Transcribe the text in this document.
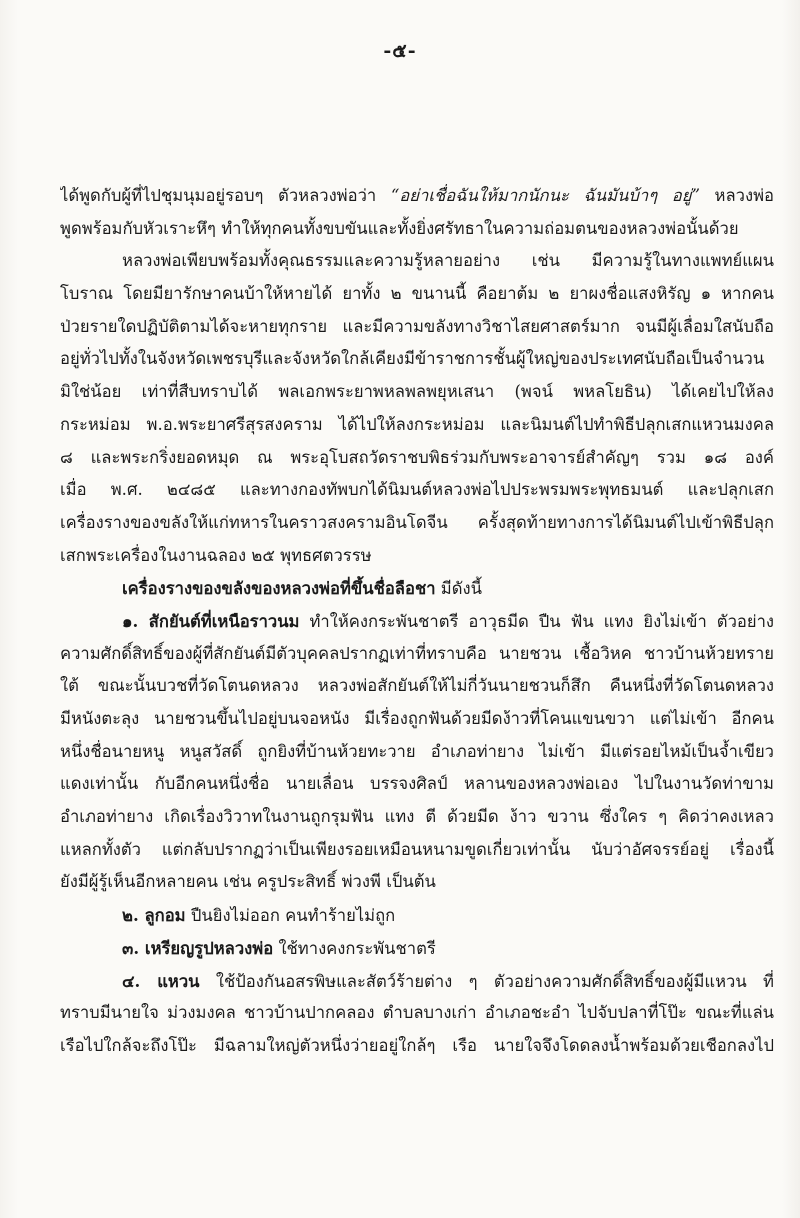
-๕-
ได้พูดกับผู้ที่ไปชุมนุมอยู่รอบๆ ตัวหลวงพ่อว่า “อย่าเชื่อฉันให้มากนักนะ ฉันมันบ้าๆ อยู่” หลวงพ่อ
พูดพร้อมกับหัวเราะหึๆ ทำให้ทุกคนทั้งขบขันและทั้งยิ่งศรัทธาในความถ่อมตนของหลวงพ่อนั้นด้วย
หลวงพ่อเพียบพร้อมทั้งคุณธรรมและความรู้หลายอย่าง เช่น มีความรู้ในทางแพทย์แผน
โบราณ โดยมียารักษาคนบ้าให้หายได้ ยาทั้ง ๒ ขนานนี้ คือยาต้ม ๒ ยาผงชื่อแสงหิรัญ ๑ หากคน
ป่วยรายใดปฏิบัติตามได้จะหายทุกราย และมีความขลังทางวิชาไสยศาสตร์มาก จนมีผู้เลื่อมใสนับถือ
อยู่ทั่วไปทั้งในจังหวัดเพชรบุรีและจังหวัดใกล้เคียงมีข้าราชการชั้นผู้ใหญ่ของประเทศนับถือเป็นจำนวน
มิใช่น้อย เท่าที่สืบทราบได้ พลเอกพระยาพหลพลพยุหเสนา (พจน์ พหลโยธิน) ได้เคยไปให้ลง
กระหม่อม พ.อ.พระยาศรีสุรสงคราม ได้ไปให้ลงกระหม่อม และนิมนต์ไปทำพิธีปลุกเสกแหวนมงคล
๘ และพระกริ่งยอดหมุด ณ พระอุโบสถวัดราชบพิธร่วมกับพระอาจารย์สำคัญๆ รวม ๑๘ องค์
เมื่อ พ.ศ. ๒๔๘๕ และทางกองทัพบกได้นิมนต์หลวงพ่อไปประพรมพระพุทธมนต์ และปลุกเสก
เครื่องรางของขลังให้แก่ทหารในคราวสงครามอินโดจีน ครั้งสุดท้ายทางการได้นิมนต์ไปเข้าพิธีปลุก
เสกพระเครื่องในงานฉลอง ๒๕ พุทธศตวรรษ
เครื่องรางของขลังของหลวงพ่อที่ขึ้นชื่อลือชา มีดังนี้
๑. สักยันต์ที่เหนือราวนม ทำให้คงกระพันชาตรี อาวุธมีด ปืน ฟัน แทง ยิงไม่เข้า ตัวอย่าง
ความศักดิ์สิทธิ์ของผู้ที่สักยันต์มีตัวบุคคลปรากฏเท่าที่ทราบคือ นายชวน เชื้อวิหค ชาวบ้านห้วยทราย
ใต้ ขณะนั้นบวชที่วัดโตนดหลวง หลวงพ่อสักยันต์ให้ไม่กี่วันนายชวนก็สึก คืนหนึ่งที่วัดโตนดหลวง
มีหนังตะลุง นายชวนขึ้นไปอยู่บนจอหนัง มีเรื่องถูกฟันด้วยมีดง้าวที่โคนแขนขวา แต่ไม่เข้า อีกคน
หนึ่งชื่อนายหนู หนูสวัสดิ์ ถูกยิงที่บ้านห้วยทะวาย อำเภอท่ายาง ไม่เข้า มีแต่รอยไหม้เป็นจ้ำเขียว
แดงเท่านั้น กับอีกคนหนึ่งชื่อ นายเลื่อน บรรจงศิลป์ หลานของหลวงพ่อเอง ไปในงานวัดท่าขาม
อำเภอท่ายาง เกิดเรื่องวิวาทในงานถูกรุมฟัน แทง ตี ด้วยมีด ง้าว ขวาน ซึ่งใคร ๆ คิดว่าคงเหลว
แหลกทั้งตัว แต่กลับปรากฏว่าเป็นเพียงรอยเหมือนหนามขูดเกี่ยวเท่านั้น นับว่าอัศจรรย์อยู่ เรื่องนี้
ยังมีผู้รู้เห็นอีกหลายคน เช่น ครูประสิทธิ์ พ่วงพี เป็นต้น
๒. ลูกอม ปืนยิงไม่ออก คนทำร้ายไม่ถูก
๓. เหรียญรูปหลวงพ่อ ใช้ทางคงกระพันชาตรี
๔. แหวน ใช้ป้องกันอสรพิษและสัตว์ร้ายต่าง ๆ ตัวอย่างความศักดิ์สิทธิ์ของผู้มีแหวน ที่
ทราบมีนายใจ ม่วงมงคล ชาวบ้านปากคลอง ตำบลบางเก่า อำเภอชะอำ ไปจับปลาที่โป๊ะ ขณะที่แล่น
เรือไปใกล้จะถึงโป๊ะ มีฉลามใหญ่ตัวหนึ่งว่ายอยู่ใกล้ๆ เรือ นายใจจึงโดดลงน้ำพร้อมด้วยเชือกลงไป
